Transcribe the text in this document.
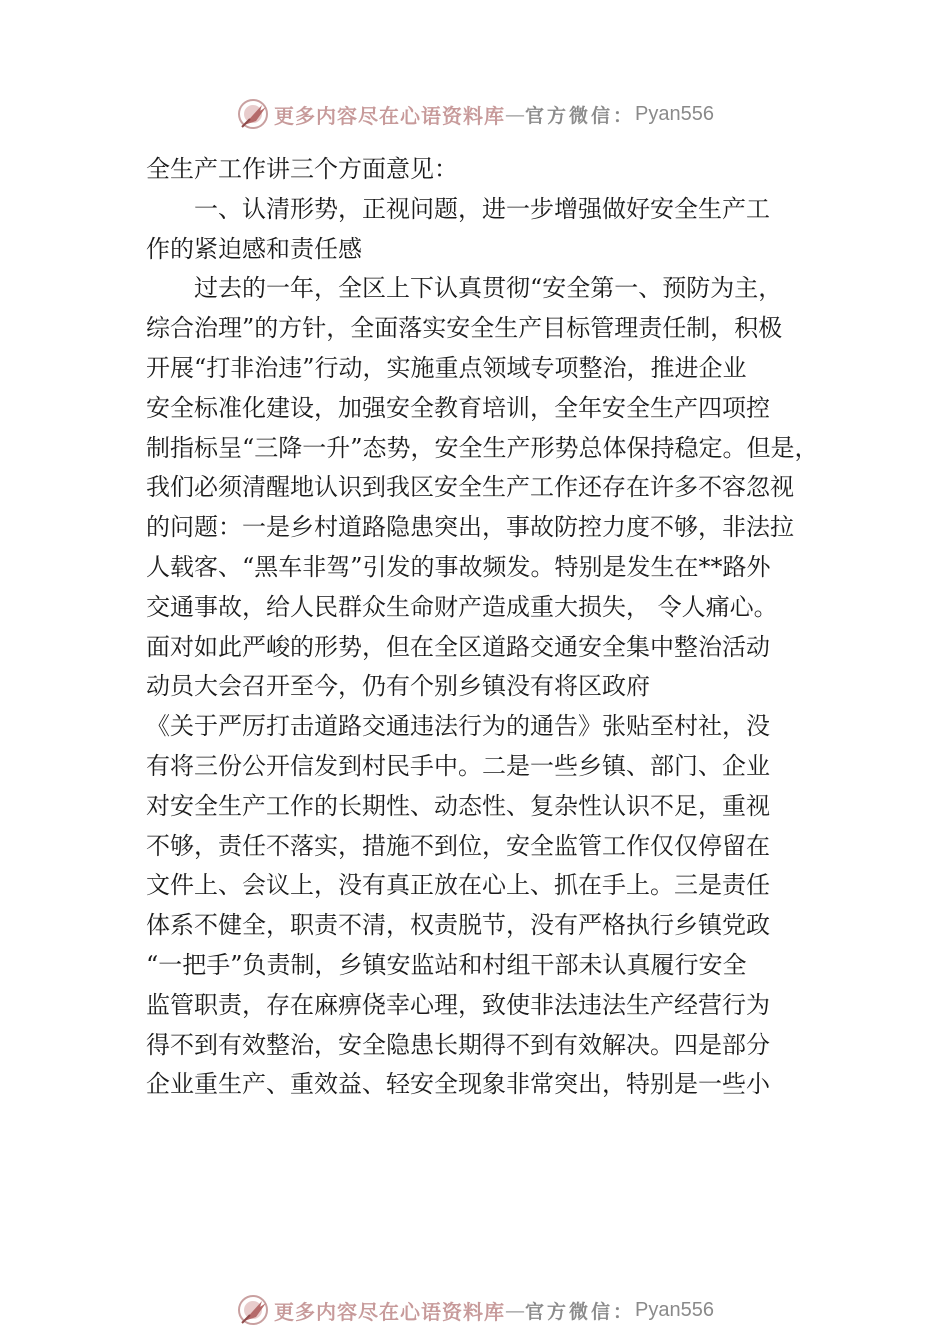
更多内容尽在心语资料库 — 官方微信： Pyan556
全生产工作讲三个方面意见：
一、认清形势，正视问题，进一步增强做好安全生产工
作的紧迫感和责任感
过去的一年，全区上下认真贯彻“安全第一、预防为主，
综合治理”的方针，全面落实安全生产目标管理责任制，积极
开展“打非治违”行动，实施重点领域专项整治，推进企业
安全标准化建设，加强安全教育培训，全年安全生产四项控
制指标呈“三降一升”态势，安全生产形势总体保持稳定。但是，
我们必须清醒地认识到我区安全生产工作还存在许多不容忽视
的问题：一是乡村道路隐患突出，事故防控力度不够，非法拉
人载客、“黑车非驾”引发的事故频发。特别是发生在**路外
交通事故，给人民群众生命财产造成重大损失， 令人痛心。
面对如此严峻的形势，但在全区道路交通安全集中整治活动
动员大会召开至今，仍有个别乡镇没有将区政府
《关于严厉打击道路交通违法行为的通告》张贴至村社，没
有将三份公开信发到村民手中。二是一些乡镇、部门、企业
对安全生产工作的长期性、动态性、复杂性认识不足，重视
不够，责任不落实，措施不到位，安全监管工作仅仅停留在
文件上、会议上，没有真正放在心上、抓在手上。三是责任
体系不健全，职责不清，权责脱节，没有严格执行乡镇党政
“一把手”负责制，乡镇安监站和村组干部未认真履行安全
监管职责，存在麻痹侥幸心理，致使非法违法生产经营行为
得不到有效整治，安全隐患长期得不到有效解决。四是部分
企业重生产、重效益、轻安全现象非常突出，特别是一些小
更多内容尽在心语资料库 — 官方微信： Pyan556
